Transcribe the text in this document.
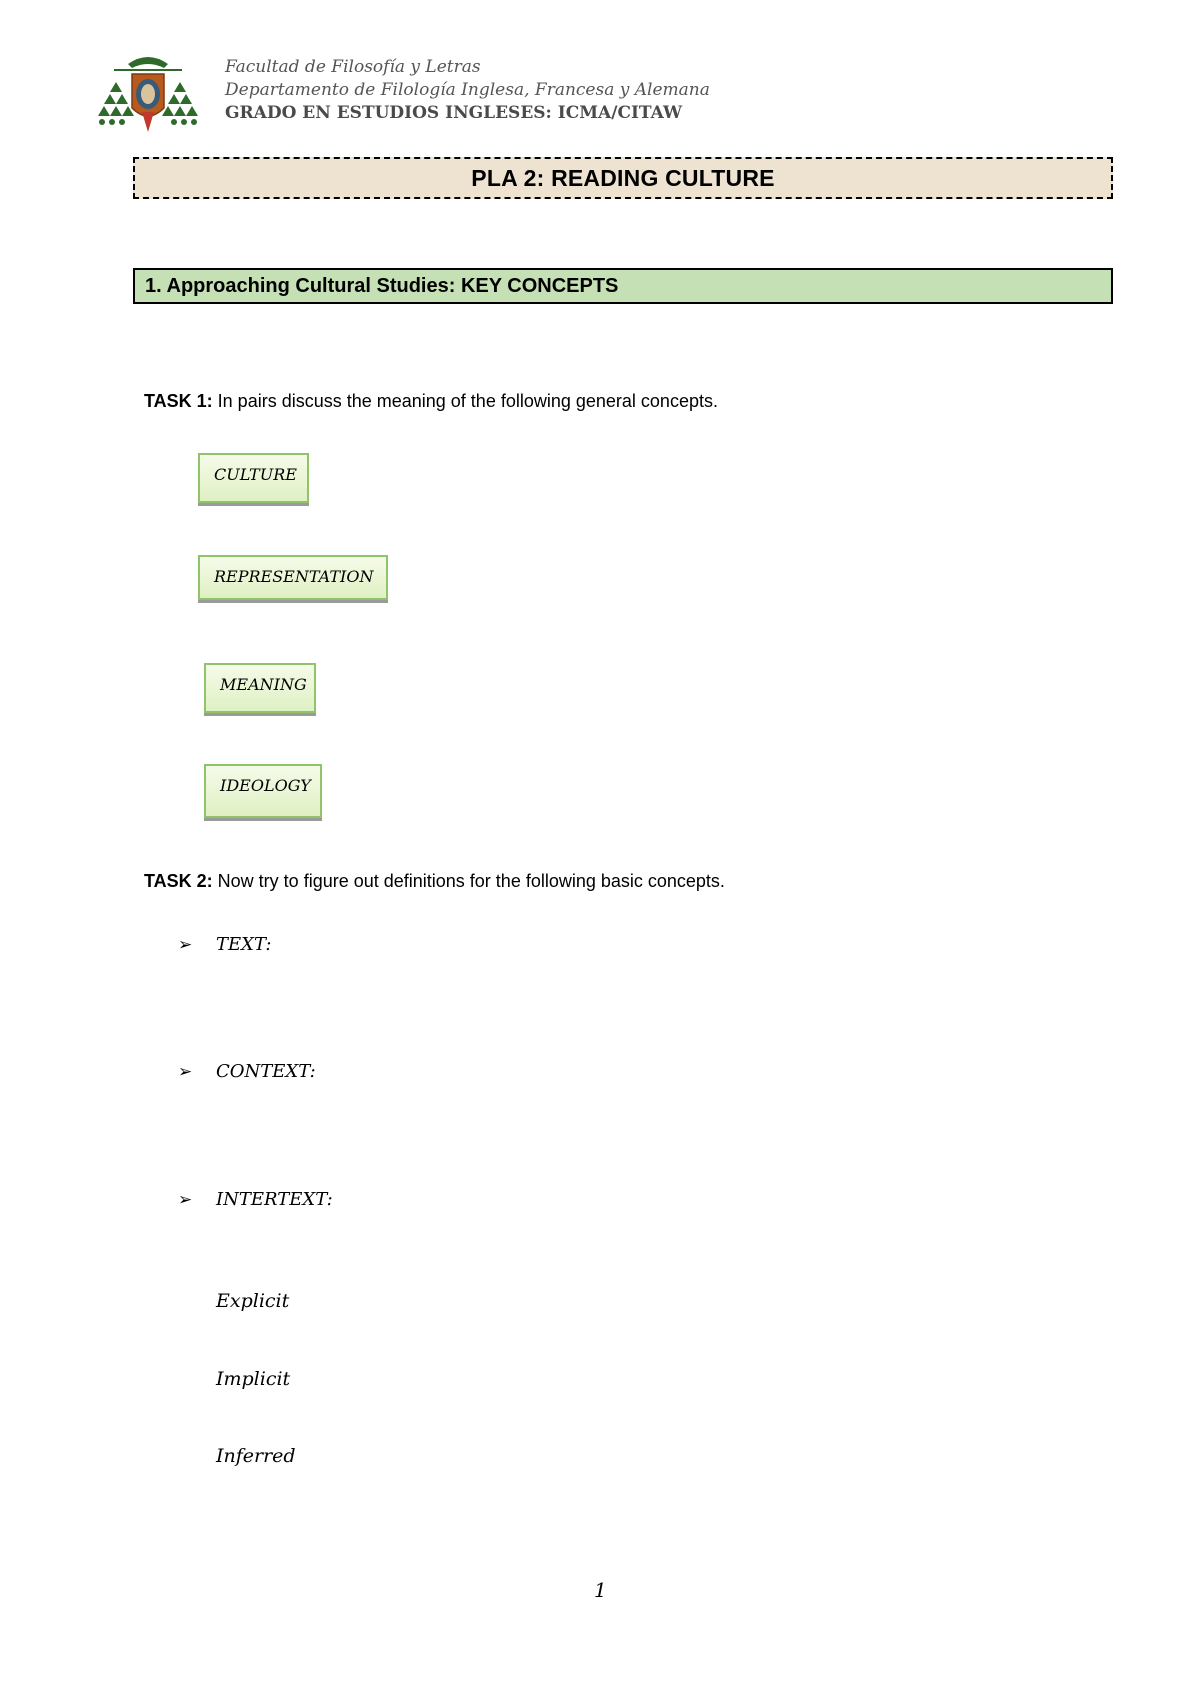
Facultad de Filosofía y Letras
Departamento de Filología Inglesa, Francesa y Alemana
GRADO EN ESTUDIOS INGLESES: ICMA/CITAW
PLA 2: READING CULTURE
1. Approaching Cultural Studies: KEY CONCEPTS
TASK 1: In pairs discuss the meaning of the following general concepts.
CULTURE
REPRESENTATION
MEANING
IDEOLOGY
TASK 2: Now try to figure out definitions for the following basic concepts.
➢ TEXT:
➢ CONTEXT:
➢ INTERTEXT:
Explicit
Implicit
Inferred
1
